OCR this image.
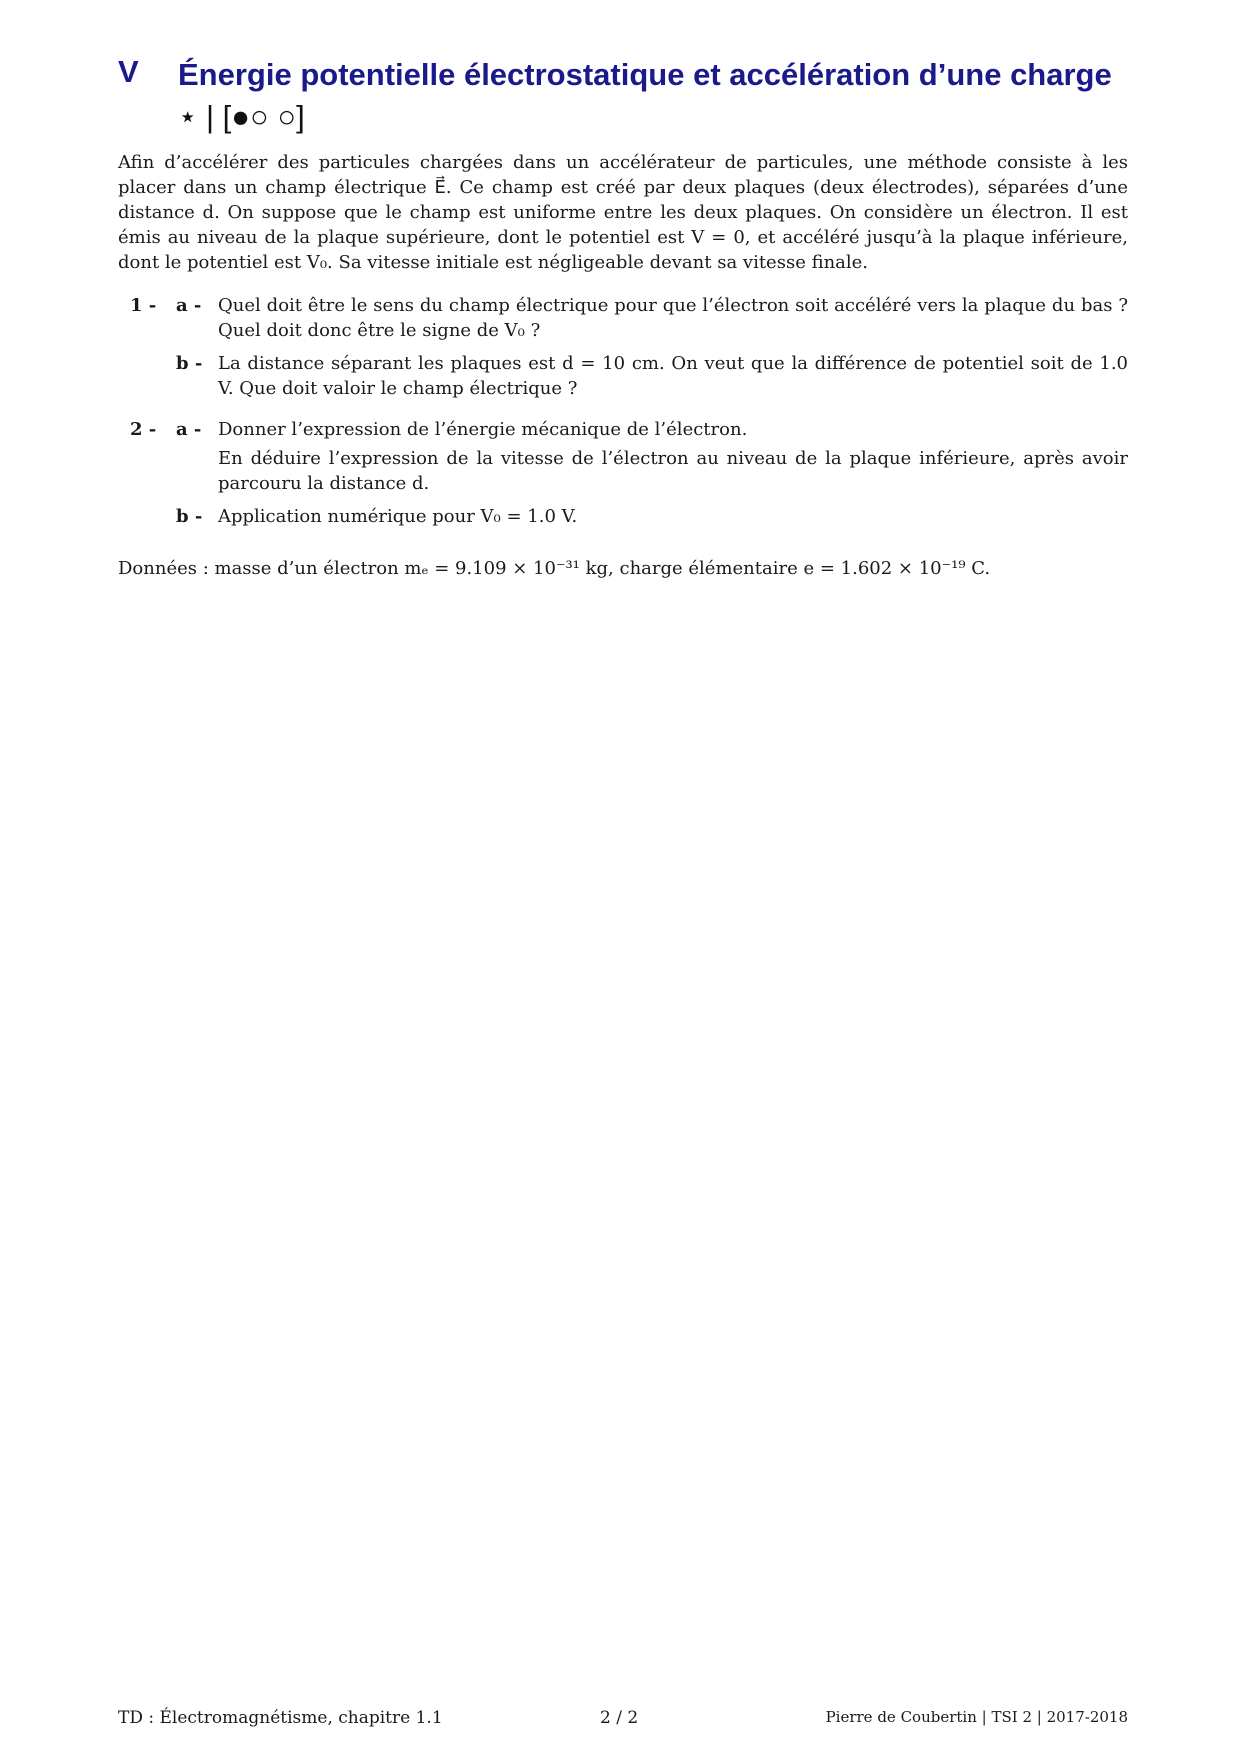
V Énergie potentielle électrostatique et accélération d’une charge ⋆ | [●○ ○]
Afin d’accélérer des particules chargées dans un accélérateur de particules, une méthode consiste à les placer dans un champ électrique E⃗. Ce champ est créé par deux plaques (deux électrodes), séparées d’une distance d. On suppose que le champ est uniforme entre les deux plaques. On considère un électron. Il est émis au niveau de la plaque supérieure, dont le potentiel est V = 0, et accéléré jusqu’à la plaque inférieure, dont le potentiel est V₀. Sa vitesse initiale est négligeable devant sa vitesse finale.
1 - a - Quel doit être le sens du champ électrique pour que l’électron soit accéléré vers la plaque du bas ? Quel doit donc être le signe de V₀ ?

b - La distance séparant les plaques est d = 10 cm. On veut que la différence de potentiel soit de 1.0 V. Que doit valoir le champ électrique ?

2 - a - Donner l’expression de l’énergie mécanique de l’électron.

En déduire l’expression de la vitesse de l’électron au niveau de la plaque inférieure, après avoir parcouru la distance d.

b - Application numérique pour V₀ = 1.0 V.

Données : masse d’un électron mₑ = 9.109 × 10⁻³¹ kg, charge élémentaire e = 1.602 × 10⁻¹⁹ C.
TD : Électromagnétisme, chapitre 1.1	2 / 2	Pierre de Coubertin | TSI 2 | 2017-2018
